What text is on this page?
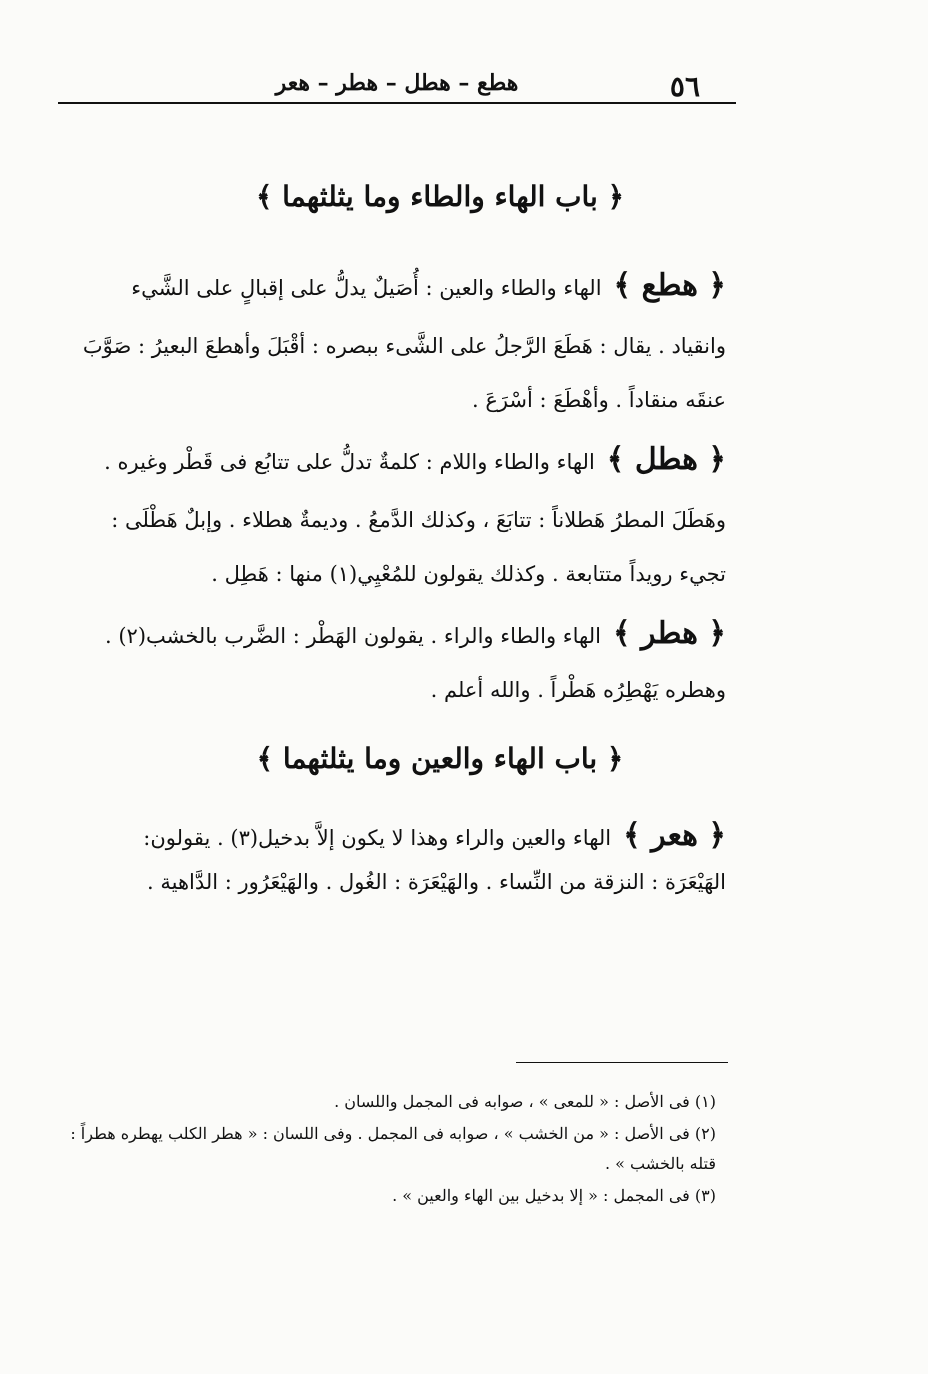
٥٦
هطع – هطل – هطر – هعر
﴿ باب الهاء والطاء وما يثلثهما ﴾
﴿ هطع ﴾الهاء والطاء والعين : أُصَيلٌ يدلُّ على إقبالٍ على الشَّيء
وانقياد . يقال : هَطَعَ الرَّجلُ على الشَّىء ببصره : أقْبَلَ وأهطعَ البعيرُ : صَوَّبَ
عنقَه منقاداً . وأهْطَعَ : أسْرَعَ .
﴿ هطل ﴾الهاء والطاء واللام : كلمةٌ تدلُّ على تتابُع فى قَطْر وغيره .
وهَطَلَ المطرُ هَطلاناً : تتابَعَ ، وكذلك الدَّمعُ . وديمةٌ هطلاء . وإبلٌ هَطْلَى :
تجيء رويداً متتابعة . وكذلك يقولون للمُعْيِي(١) منها : هَطِل .
﴿ هطر ﴾الهاء والطاء والراء . يقولون الهَطْر : الضَّرب بالخشب(٢) .
وهطره يَهْطِرُه هَطْراً . والله أعلم .
﴿ باب الهاء والعين وما يثلثهما ﴾
﴿ هعر ﴾الهاء والعين والراء وهذا لا يكون إلاَّ بدخيل(٣) . يقولون:
الهَيْعَرَة : النزقة من النِّساء . والهَيْعَرَة : الغُول . والهَيْعَرُور : الدَّاهية .
(١) فى الأصل : « للمعى » ، صوابه فى المجمل واللسان .
(٢) فى الأصل : « من الخشب » ، صوابه فى المجمل . وفى اللسان : « هطر الكلب يهطره هطراً :
قتله بالخشب » .
(٣) فى المجمل : « إلا بدخيل بين الهاء والعين » .
